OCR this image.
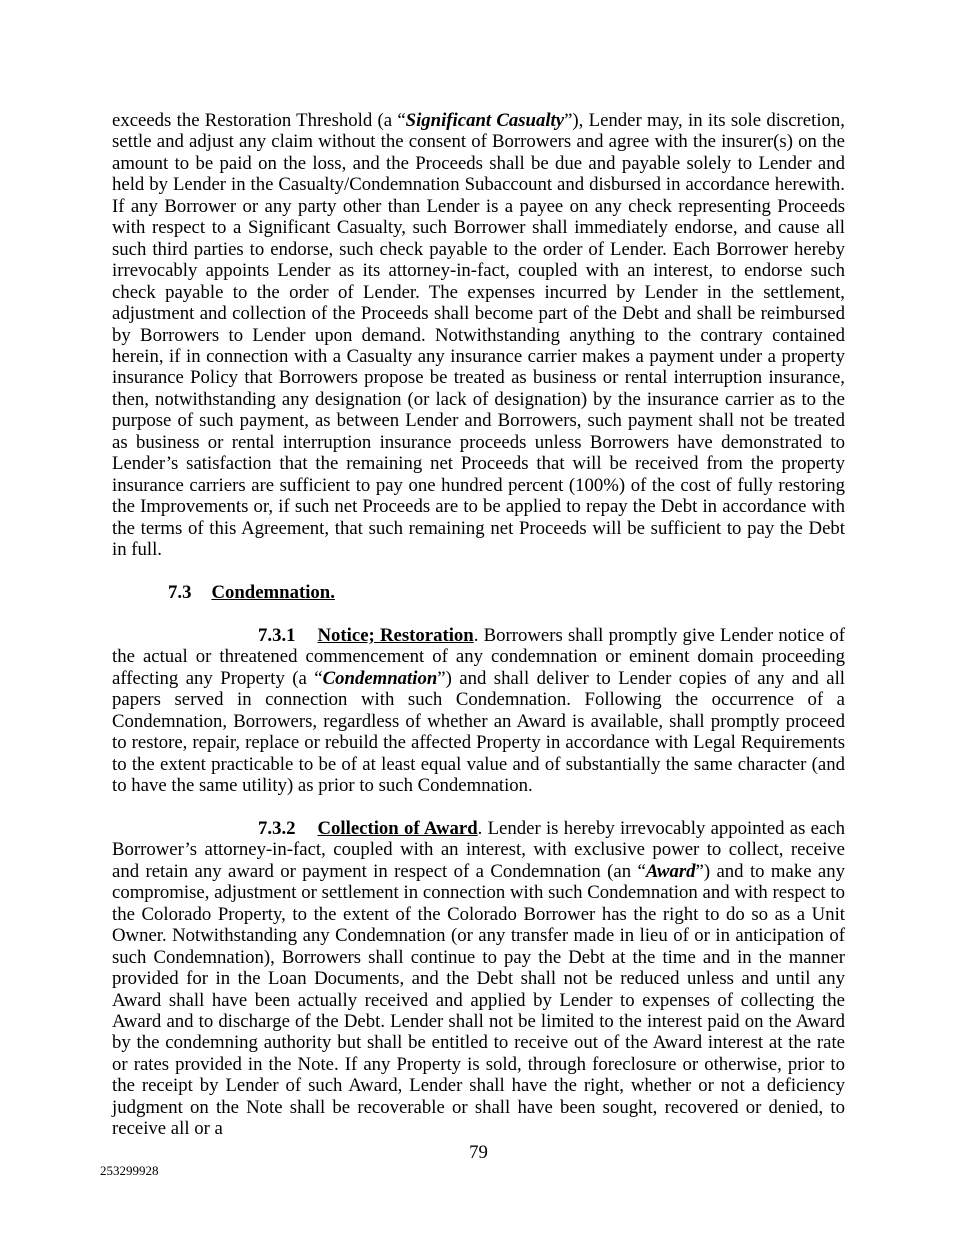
exceeds the Restoration Threshold (a “Significant Casualty”), Lender may, in its sole discretion, settle and adjust any claim without the consent of Borrowers and agree with the insurer(s) on the amount to be paid on the loss, and the Proceeds shall be due and payable solely to Lender and held by Lender in the Casualty/Condemnation Subaccount and disbursed in accordance herewith. If any Borrower or any party other than Lender is a payee on any check representing Proceeds with respect to a Significant Casualty, such Borrower shall immediately endorse, and cause all such third parties to endorse, such check payable to the order of Lender. Each Borrower hereby irrevocably appoints Lender as its attorney-in-fact, coupled with an interest, to endorse such check payable to the order of Lender. The expenses incurred by Lender in the settlement, adjustment and collection of the Proceeds shall become part of the Debt and shall be reimbursed by Borrowers to Lender upon demand. Notwithstanding anything to the contrary contained herein, if in connection with a Casualty any insurance carrier makes a payment under a property insurance Policy that Borrowers propose be treated as business or rental interruption insurance, then, notwithstanding any designation (or lack of designation) by the insurance carrier as to the purpose of such payment, as between Lender and Borrowers, such payment shall not be treated as business or rental interruption insurance proceeds unless Borrowers have demonstrated to Lender’s satisfaction that the remaining net Proceeds that will be received from the property insurance carriers are sufficient to pay one hundred percent (100%) of the cost of fully restoring the Improvements or, if such net Proceeds are to be applied to repay the Debt in accordance with the terms of this Agreement, that such remaining net Proceeds will be sufficient to pay the Debt in full.

7.3 Condemnation.

7.3.1 Notice; Restoration. Borrowers shall promptly give Lender notice of the actual or threatened commencement of any condemnation or eminent domain proceeding affecting any Property (a “Condemnation”) and shall deliver to Lender copies of any and all papers served in connection with such Condemnation. Following the occurrence of a Condemnation, Borrowers, regardless of whether an Award is available, shall promptly proceed to restore, repair, replace or rebuild the affected Property in accordance with Legal Requirements to the extent practicable to be of at least equal value and of substantially the same character (and to have the same utility) as prior to such Condemnation.

7.3.2 Collection of Award. Lender is hereby irrevocably appointed as each Borrower’s attorney-in-fact, coupled with an interest, with exclusive power to collect, receive and retain any award or payment in respect of a Condemnation (an “Award”) and to make any compromise, adjustment or settlement in connection with such Condemnation and with respect to the Colorado Property, to the extent of the Colorado Borrower has the right to do so as a Unit Owner. Notwithstanding any Condemnation (or any transfer made in lieu of or in anticipation of such Condemnation), Borrowers shall continue to pay the Debt at the time and in the manner provided for in the Loan Documents, and the Debt shall not be reduced unless and until any Award shall have been actually received and applied by Lender to expenses of collecting the Award and to discharge of the Debt. Lender shall not be limited to the interest paid on the Award by the condemning authority but shall be entitled to receive out of the Award interest at the rate or rates provided in the Note. If any Property is sold, through foreclosure or otherwise, prior to the receipt by Lender of such Award, Lender shall have the right, whether or not a deficiency judgment on the Note shall be recoverable or shall have been sought, recovered or denied, to receive all or a

79
253299928
